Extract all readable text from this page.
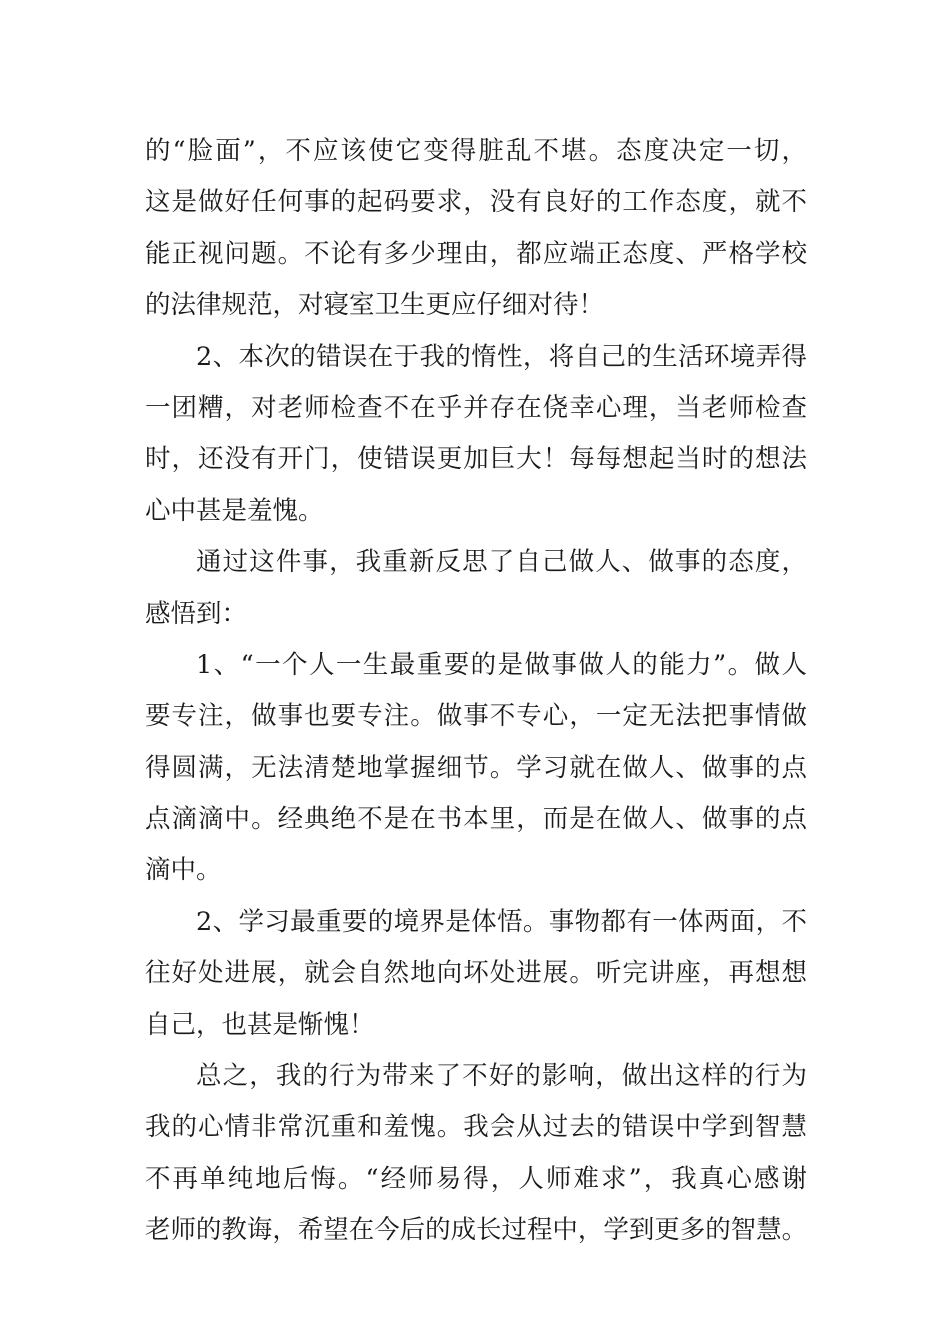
的“脸面”，不应该使它变得脏乱不堪。态度决定一切，
这是做好任何事的起码要求，没有良好的工作态度，就不
能正视问题。不论有多少理由，都应端正态度、严格学校
的法律规范，对寝室卫生更应仔细对待！
2、本次的错误在于我的惰性，将自己的生活环境弄得
一团糟，对老师检查不在乎并存在侥幸心理，当老师检查
时，还没有开门，使错误更加巨大！每每想起当时的想法
心中甚是羞愧。
通过这件事，我重新反思了自己做人、做事的态度，
感悟到：
1、“一个人一生最重要的是做事做人的能力”。做人
要专注，做事也要专注。做事不专心，一定无法把事情做
得圆满，无法清楚地掌握细节。学习就在做人、做事的点
点滴滴中。经典绝不是在书本里，而是在做人、做事的点
滴中。
2、学习最重要的境界是体悟。事物都有一体两面，不
往好处进展，就会自然地向坏处进展。听完讲座，再想想
自己，也甚是惭愧！
总之，我的行为带来了不好的影响，做出这样的行为
我的心情非常沉重和羞愧。我会从过去的错误中学到智慧
不再单纯地后悔。“经师易得，人师难求”，我真心感谢
老师的教诲，希望在今后的成长过程中，学到更多的智慧。
